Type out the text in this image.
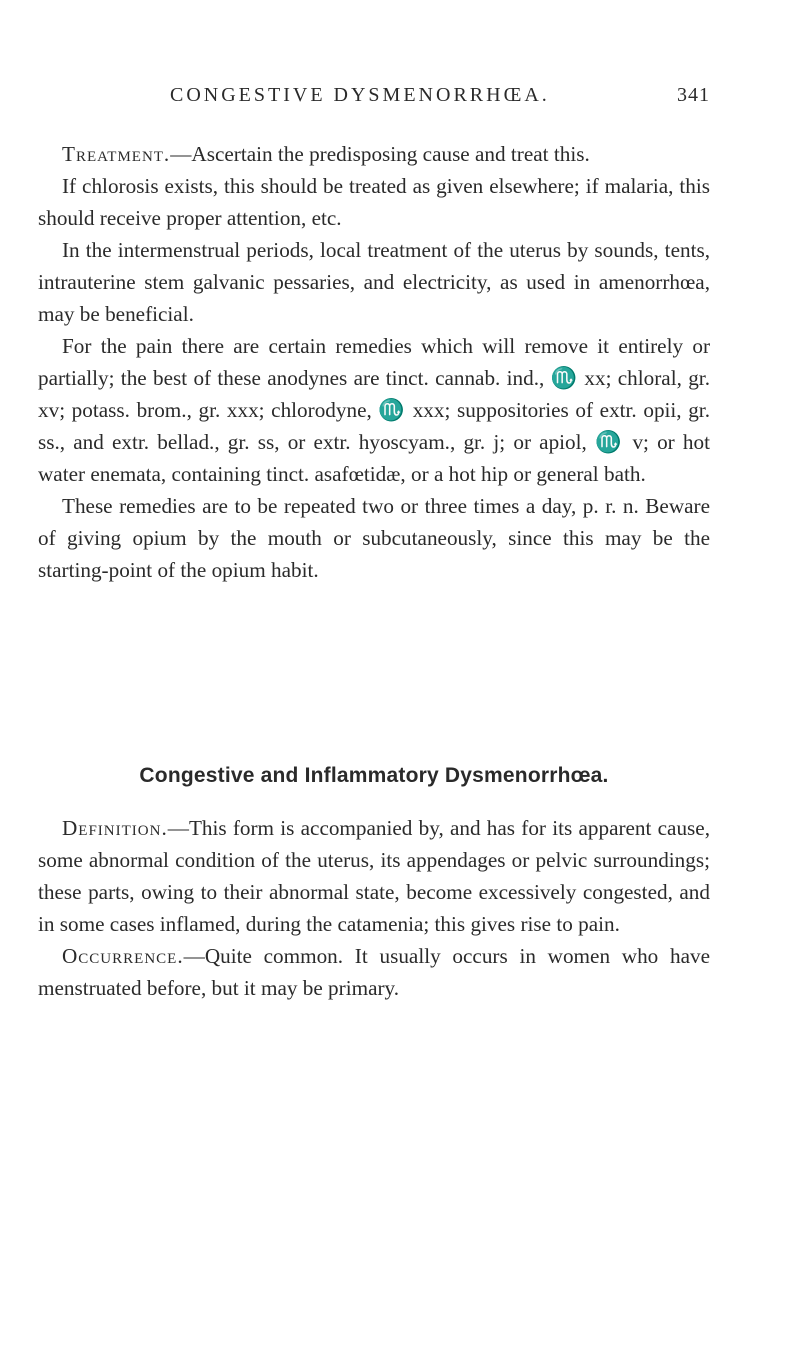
CONGESTIVE DYSMENORRHŒA.	341

Treatment.—Ascertain the predisposing cause and treat this.

If chlorosis exists, this should be treated as given elsewhere; if malaria, this should receive proper attention, etc.

In the intermenstrual periods, local treatment of the uterus by sounds, tents, intrauterine stem galvanic pessaries, and electricity, as used in amenorrhœa, may be beneficial.

For the pain there are certain remedies which will remove it entirely or partially; the best of these anodynes are tinct. cannab. ind., ♏ xx; chloral, gr. xv; potass. brom., gr. xxx; chlorodyne, ♏ xxx; suppositories of extr. opii, gr. ss., and extr. bellad., gr. ss, or extr. hyoscyam., gr. j; or apiol, ♏ v; or hot water enemata, containing tinct. asafœtidæ, or a hot hip or general bath.

These remedies are to be repeated two or three times a day, p. r. n. Beware of giving opium by the mouth or subcutaneously, since this may be the starting-point of the opium habit.

Congestive and Inflammatory Dysmenorrhœa.

Definition.—This form is accompanied by, and has for its apparent cause, some abnormal condition of the uterus, its appendages or pelvic surroundings; these parts, owing to their abnormal state, become excessively congested, and in some cases inflamed, during the catamenia; this gives rise to pain.

Occurrence.—Quite common. It usually occurs in women who have menstruated before, but it may be primary.
